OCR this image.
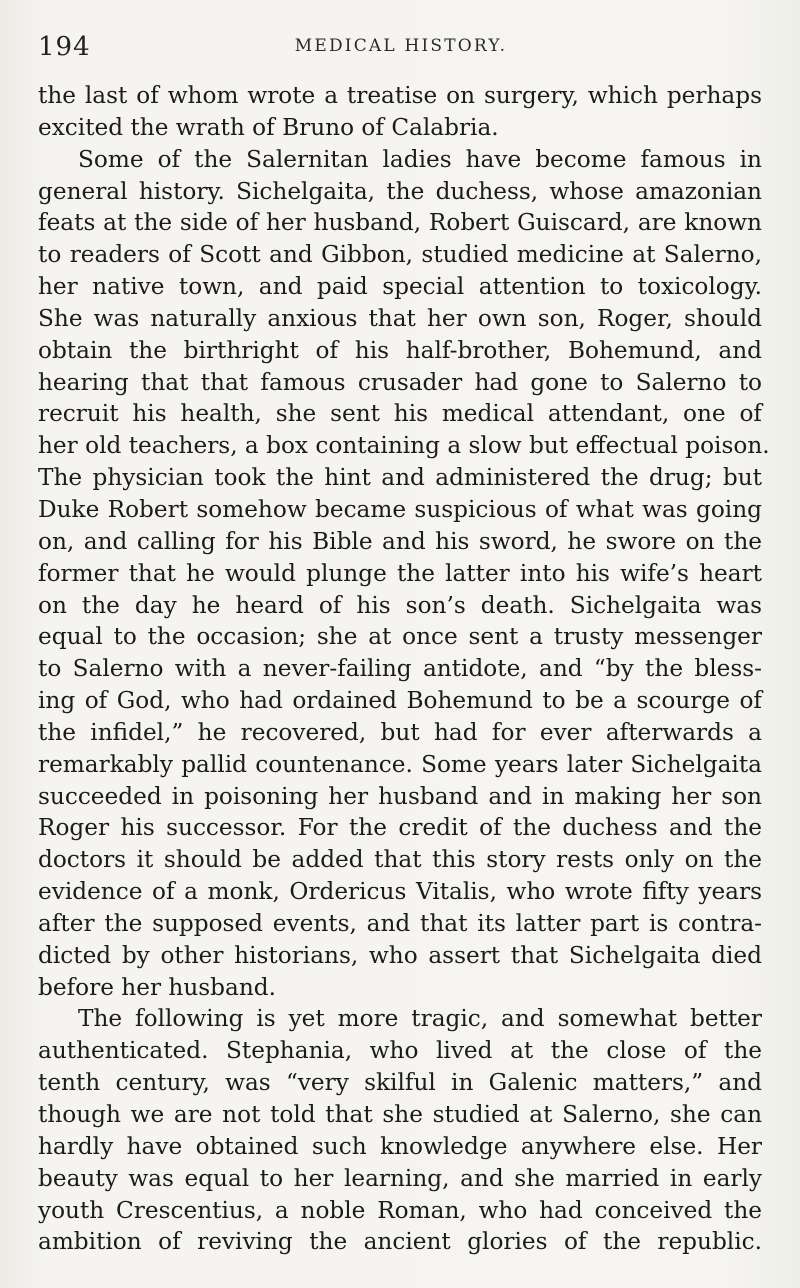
194	MEDICAL HISTORY.
the last of whom wrote a treatise on surgery, which perhaps
excited the wrath of Bruno of Calabria.
Some of the Salernitan ladies have become famous in
general history. Sichelgaita, the duchess, whose amazonian
feats at the side of her husband, Robert Guiscard, are known
to readers of Scott and Gibbon, studied medicine at Salerno,
her native town, and paid special attention to toxicology.
She was naturally anxious that her own son, Roger, should
obtain the birthright of his half-brother, Bohemund, and
hearing that that famous crusader had gone to Salerno to
recruit his health, she sent his medical attendant, one of
her old teachers, a box containing a slow but effectual poison.
The physician took the hint and administered the drug; but
Duke Robert somehow became suspicious of what was going
on, and calling for his Bible and his sword, he swore on the
former that he would plunge the latter into his wife’s heart
on the day he heard of his son’s death. Sichelgaita was
equal to the occasion; she at once sent a trusty messenger
to Salerno with a never-failing antidote, and “by the bless-
ing of God, who had ordained Bohemund to be a scourge of
the infidel,” he recovered, but had for ever afterwards a
remarkably pallid countenance. Some years later Sichelgaita
succeeded in poisoning her husband and in making her son
Roger his successor. For the credit of the duchess and the
doctors it should be added that this story rests only on the
evidence of a monk, Ordericus Vitalis, who wrote fifty years
after the supposed events, and that its latter part is contra-
dicted by other historians, who assert that Sichelgaita died
before her husband.
The following is yet more tragic, and somewhat better
authenticated. Stephania, who lived at the close of the
tenth century, was “very skilful in Galenic matters,” and
though we are not told that she studied at Salerno, she can
hardly have obtained such knowledge anywhere else. Her
beauty was equal to her learning, and she married in early
youth Crescentius, a noble Roman, who had conceived the
ambition of reviving the ancient glories of the republic.
